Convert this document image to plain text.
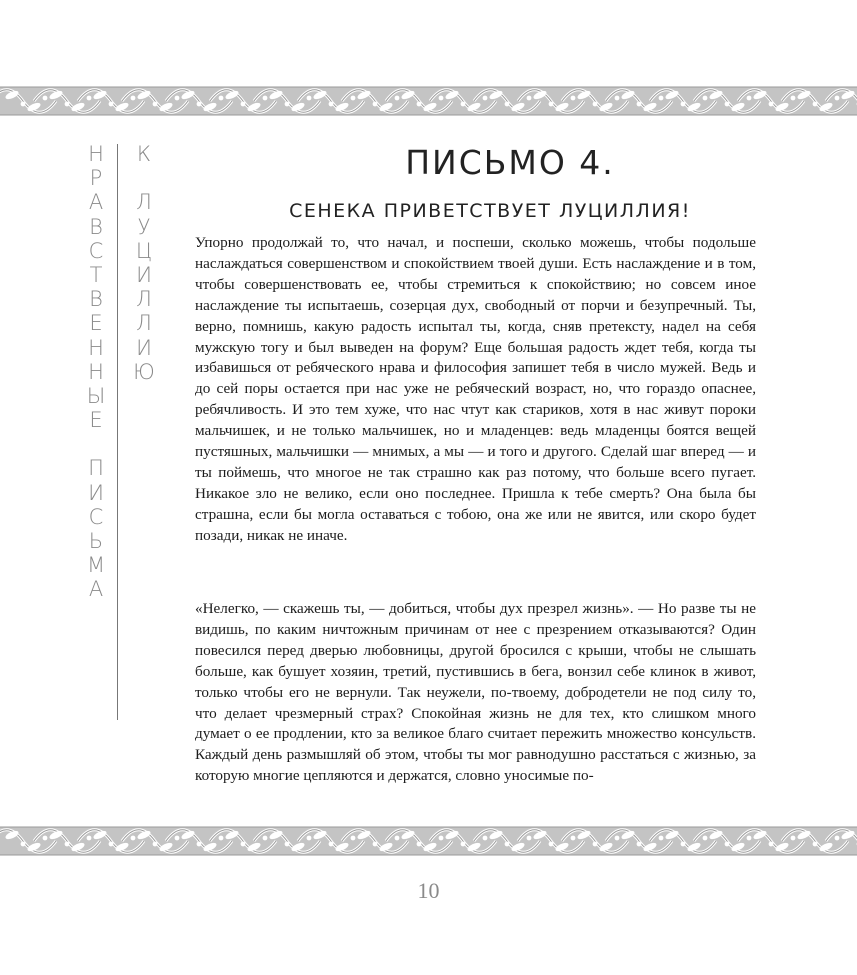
Н
Р
А
В
С
Т
В
Е
Н
Н
Ы
Е
П
И
С
Ь
М
А
К
Л
У
Ц
И
Л
Л
И
Ю
ПИСЬМО 4.
СЕНЕКА ПРИВЕТСТВУЕТ ЛУЦИЛЛИЯ!

Упорно продолжай то, что начал, и поспеши, сколько можешь, чтобы подольше наслаждаться совершенством и спокойствием твоей души. Есть наслаждение и в том, чтобы совершенствовать ее, чтобы стремиться к спокойствию; но совсем иное наслаждение ты испытаешь, созерцая дух, свободный от порчи и безупречный. Ты, верно, помнишь, какую радость испытал ты, когда, сняв претексту, надел на себя мужскую тогу и был выведен на форум? Еще большая радость ждет тебя, когда ты избавишься от ребяческого нрава и философия запишет тебя в число мужей. Ведь и до сей поры остается при нас уже не ребяческий возраст, но, что гораздо опаснее, ребячливость. И это тем хуже, что нас чтут как стариков, хотя в нас живут пороки мальчишек, и не только мальчишек, но и младенцев: ведь младенцы боятся вещей пустяшных, мальчишки — мнимых, а мы — и того и другого. Сделай шаг вперед — и ты поймешь, что многое не так страшно как раз потому, что больше всего пугает. Никакое зло не велико, если оно последнее. Пришла к тебе смерть? Она была бы страшна, если бы могла оставаться с тобою, она же или не явится, или скоро будет позади, никак не иначе.

«Нелегко, — скажешь ты, — добиться, чтобы дух презрел жизнь». — Но разве ты не видишь, по каким ничтожным причинам от нее с презрением отказываются? Один повесился перед дверью любовницы, другой бросился с крыши, чтобы не слышать больше, как бушует хозяин, третий, пустившись в бега, вонзил себе клинок в живот, только чтобы его не вернули. Так неужели, по-твоему, добродетели не под силу то, что делает чрезмерный страх? Спокойная жизнь не для тех, кто слишком много думает о ее продлении, кто за великое благо считает пережить множество консульств. Каждый день размышляй об этом, чтобы ты мог равнодушно расстаться с жизнью, за которую многие цепляются и держатся, словно уносимые по-

10
